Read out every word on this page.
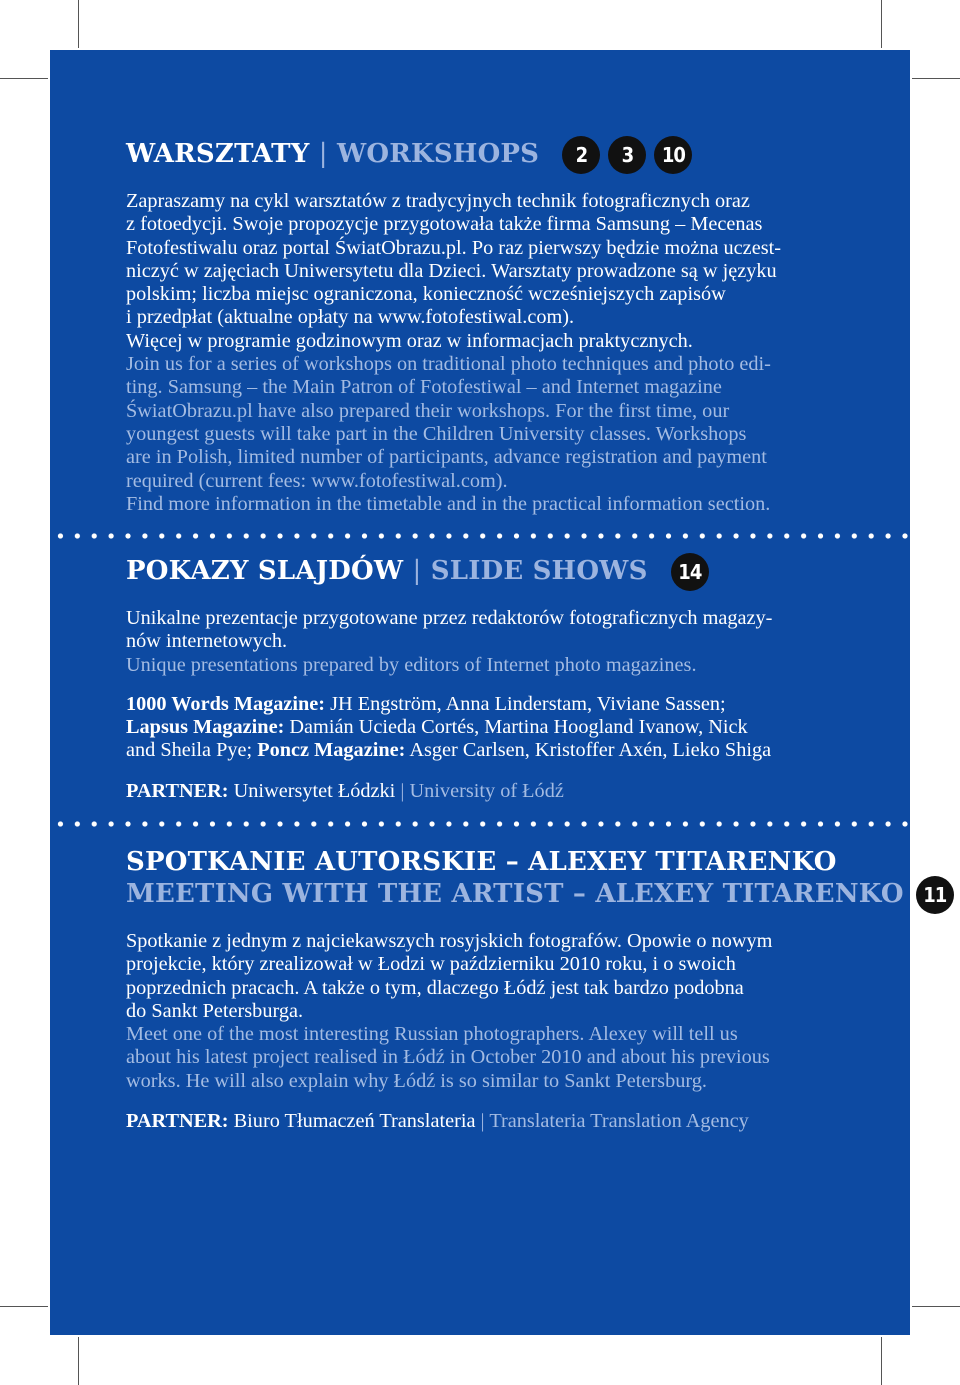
WARSZTATY | WORKSHOPS 2 3 10
Zapraszamy na cykl warsztatów z tradycyjnych technik fotograficznych oraz
z fotoedycji. Swoje propozycje przygotowała także firma Samsung – Mecenas
Fotofestiwalu oraz portal ŚwiatObrazu.pl. Po raz pierwszy będzie można uczest-
niczyć w zajęciach Uniwersytetu dla Dzieci. Warsztaty prowadzone są w języku
polskim; liczba miejsc ograniczona, konieczność wcześniejszych zapisów
i przedpłat (aktualne opłaty na www.fotofestiwal.com).
Więcej w programie godzinowym oraz w informacjach praktycznych.
Join us for a series of workshops on traditional photo techniques and photo edi-
ting. Samsung – the Main Patron of Fotofestiwal – and Internet magazine
ŚwiatObrazu.pl have also prepared their workshops. For the first time, our
youngest guests will take part in the Children University classes. Workshops
are in Polish, limited number of participants, advance registration and payment
required (current fees: www.fotofestiwal.com).
Find more information in the timetable and in the practical information section.
POKAZY SLAJDÓW | SLIDE SHOWS 14
Unikalne prezentacje przygotowane przez redaktorów fotograficznych magazy-
nów internetowych.
Unique presentations prepared by editors of Internet photo magazines.
1000 Words Magazine: JH Engström, Anna Linderstam, Viviane Sassen;
Lapsus Magazine: Damián Ucieda Cortés, Martina Hoogland Ivanow, Nick
and Sheila Pye; Poncz Magazine: Asger Carlsen, Kristoffer Axén, Lieko Shiga
PARTNER: Uniwersytet Łódzki | University of Łódź
SPOTKANIE AUTORSKIE – ALEXEY TITARENKO
MEETING WITH THE ARTIST – ALEXEY TITARENKO 11
Spotkanie z jednym z najciekawszych rosyjskich fotografów. Opowie o nowym
projekcie, który zrealizował w Łodzi w październiku 2010 roku, i o swoich
poprzednich pracach. A także o tym, dlaczego Łódź jest tak bardzo podobna
do Sankt Petersburga.
Meet one of the most interesting Russian photographers. Alexey will tell us
about his latest project realised in Łódź in October 2010 and about his previous
works. He will also explain why Łódź is so similar to Sankt Petersburg.
PARTNER: Biuro Tłumaczeń Translateria | Translateria Translation Agency
